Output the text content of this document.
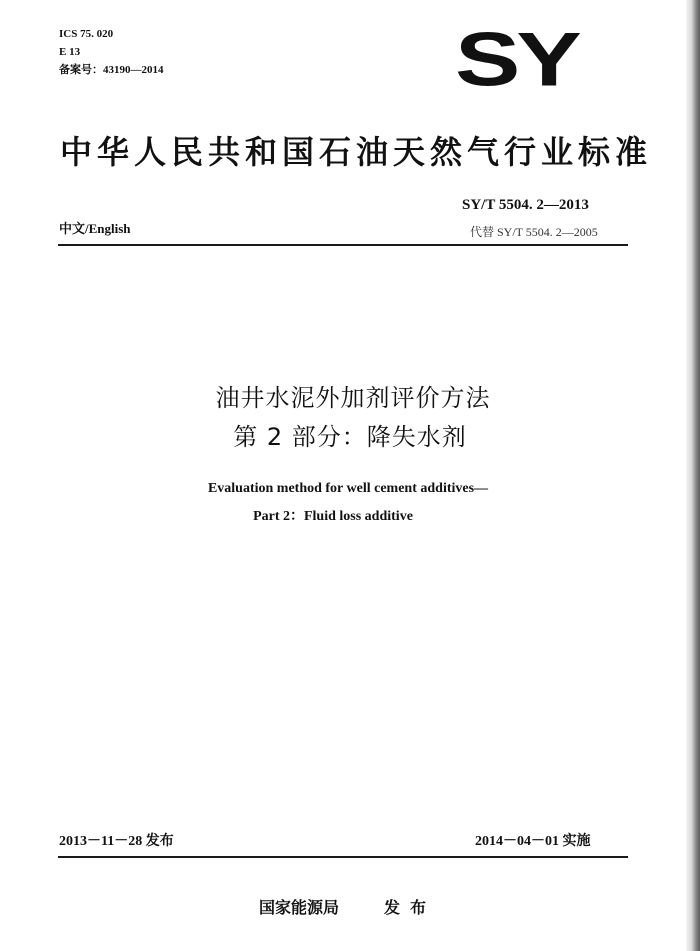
ICS 75. 020
E 13
备案号：43190—2014	SY
中华人民共和国石油天然气行业标准
SY/T 5504. 2—2013
代替 SY/T 5504. 2—2005
中文/English
油井水泥外加剂评价方法
第 2 部分：降失水剂
Evaluation method for well cement additives—
Part 2：Fluid loss additive
2013－11－28 发布	2014－04－01 实施
国家能源局	发布
